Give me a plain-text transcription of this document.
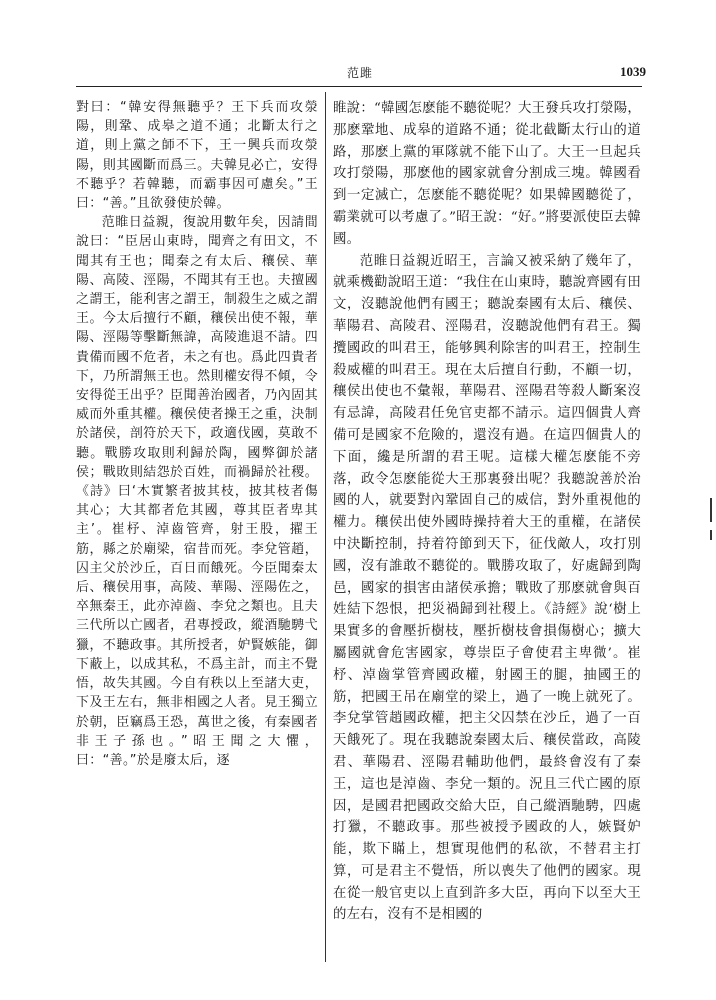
范雎	1039

對曰：“韓安得無聽乎？王下兵而攻滎陽，則鞏、成皋之道不通；北斷太行之道，則上黨之師不下，王一興兵而攻滎陽，則其國斷而爲三。夫韓見必亡，安得不聽乎？若韓聽，而霸事因可慮矣。”王曰：“善。”且欲發使於韓。

范睢日益親，復說用數年矣，因請間說曰：“臣居山東時，聞齊之有田文，不聞其有王也；聞秦之有太后、穰侯、華陽、高陵、涇陽，不聞其有王也。夫擅國之謂王，能利害之謂王，制殺生之威之謂王。今太后擅行不顧，穰侯出使不報，華陽、涇陽等擊斷無諱，高陵進退不請。四貴備而國不危者，未之有也。爲此四貴者下，乃所謂無王也。然則權安得不傾，令安得從王出乎？臣聞善治國者，乃內固其威而外重其權。穰侯使者操王之重，決制於諸侯，剖符於天下，政適伐國，莫敢不聽。戰勝攻取則利歸於陶，國弊御於諸侯；戰敗則結怨於百姓，而禍歸於社稷。《詩》曰‘木實繁者披其枝，披其枝者傷其心；大其都者危其國，尊其臣者卑其主’。崔杼、淖齒管齊，射王股，擢王筋，縣之於廟梁，宿昔而死。李兌管趙，囚主父於沙丘，百日而餓死。今臣聞秦太后、穰侯用事，高陵、華陽、涇陽佐之，卒無秦王，此亦淖齒、李兌之類也。且夫三代所以亡國者，君專授政，縱酒馳騁弋獵，不聽政事。其所授者，妒賢嫉能，御下蔽上，以成其私，不爲主計，而主不覺悟，故失其國。今自有秩以上至諸大吏，下及王左右，無非相國之人者。見王獨立於朝，臣竊爲王恐，萬世之後，有秦國者非王子孫也。”昭王聞之大懼，曰：“善。”於是廢太后，逐

睢說：“韓國怎麽能不聽從呢？大王發兵攻打滎陽，那麽鞏地、成皋的道路不通；從北截斷太行山的道路，那麽上黨的軍隊就不能下山了。大王一旦起兵攻打滎陽，那麽他的國家就會分割成三塊。韓國看到一定滅亡，怎麽能不聽從呢？如果韓國聽從了，霸業就可以考慮了。”昭王說：“好。”將要派使臣去韓國。

范睢日益親近昭王，言論又被采納了幾年了，就乘機勸說昭王道：“我住在山東時，聽說齊國有田文，沒聽說他們有國王；聽說秦國有太后、穰侯、華陽君、高陵君、涇陽君，沒聽說他們有君王。獨攬國政的叫君王，能够興利除害的叫君王，控制生殺威權的叫君王。現在太后擅自行動，不顧一切，穰侯出使也不彙報，華陽君、涇陽君等殺人斷案沒有忌諱，高陵君任免官吏都不請示。這四個貴人齊備可是國家不危險的，還沒有過。在這四個貴人的下面，纔是所謂的君王呢。這樣大權怎麽能不旁落，政令怎麽能從大王那裏發出呢？我聽說善於治國的人，就要對內鞏固自己的威信，對外重視他的權力。穰侯出使外國時操持着大王的重權，在諸侯中決斷控制，持着符節到天下，征伐敵人，攻打別國，沒有誰敢不聽從的。戰勝攻取了，好處歸到陶邑，國家的損害由諸侯承擔；戰敗了那麽就會與百姓結下怨恨，把災禍歸到社稷上。《詩經》說‘樹上果實多的會壓折樹枝，壓折樹枝會損傷樹心；擴大屬國就會危害國家，尊崇臣子會使君主卑微’。崔杼、淖齒掌管齊國政權，射國王的腿，抽國王的筋，把國王吊在廟堂的梁上，過了一晚上就死了。李兌掌管趙國政權，把主父囚禁在沙丘，過了一百天餓死了。現在我聽說秦國太后、穰侯當政，高陵君、華陽君、涇陽君輔助他們，最終會沒有了秦王，這也是淖齒、李兌一類的。況且三代亡國的原因，是國君把國政交給大臣，自己縱酒馳騁，四處打獵，不聽政事。那些被授予國政的人，嫉賢妒能，欺下瞞上，想實現他們的私欲，不替君主打算，可是君主不覺悟，所以喪失了他們的國家。現在從一般官吏以上直到許多大臣，再向下以至大王的左右，沒有不是相國的
